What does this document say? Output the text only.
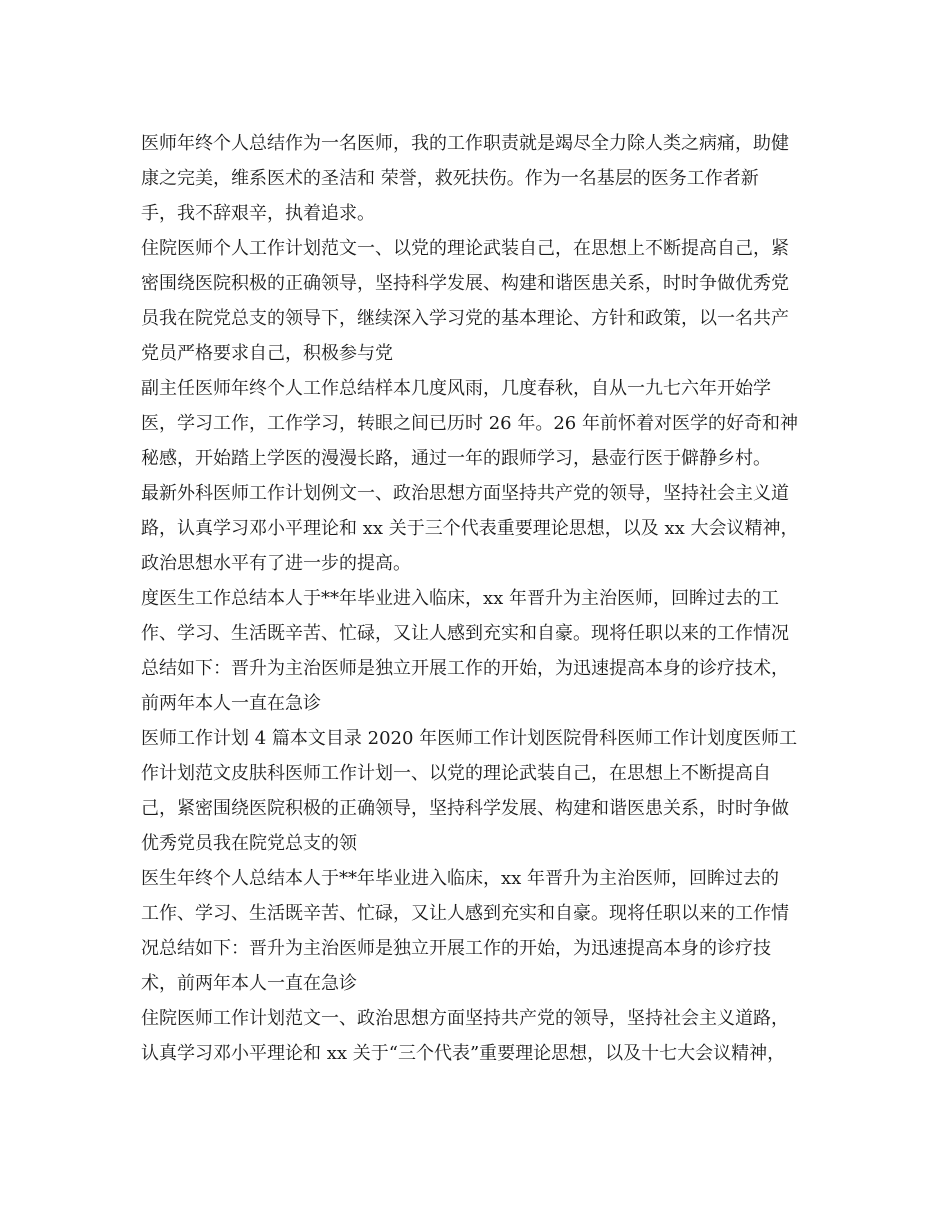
医师年终个人总结作为一名医师，我的工作职责就是竭尽全力除人类之病痛，助健
康之完美，维系医术的圣洁和 荣誉，救死扶伤。作为一名基层的医务工作者新
手，我不辞艰辛，执着追求。
住院医师个人工作计划范文一、以党的理论武装自己，在思想上不断提高自己，紧
密围绕医院积极的正确领导，坚持科学发展、构建和谐医患关系，时时争做优秀党
员我在院党总支的领导下，继续深入学习党的基本理论、方针和政策，以一名共产
党员严格要求自己，积极参与党
副主任医师年终个人工作总结样本几度风雨，几度春秋，自从一九七六年开始学
医，学习工作，工作学习，转眼之间已历时 26 年。26 年前怀着对医学的好奇和神
秘感，开始踏上学医的漫漫长路，通过一年的跟师学习，悬壶行医于僻静乡村。
最新外科医师工作计划例文一、政治思想方面坚持共产党的领导，坚持社会主义道
路，认真学习邓小平理论和 xx 关于三个代表重要理论思想，以及 xx 大会议精神，
政治思想水平有了进一步的提高。
度医生工作总结本人于**年毕业进入临床，xx 年晋升为主治医师，回眸过去的工
作、学习、生活既辛苦、忙碌，又让人感到充实和自豪。现将任职以来的工作情况
总结如下：晋升为主治医师是独立开展工作的开始，为迅速提高本身的诊疗技术，
前两年本人一直在急诊
医师工作计划 4 篇本文目录 2020 年医师工作计划医院骨科医师工作计划度医师工
作计划范文皮肤科医师工作计划一、以党的理论武装自己，在思想上不断提高自
己，紧密围绕医院积极的正确领导，坚持科学发展、构建和谐医患关系，时时争做
优秀党员我在院党总支的领
医生年终个人总结本人于**年毕业进入临床，xx 年晋升为主治医师，回眸过去的
工作、学习、生活既辛苦、忙碌，又让人感到充实和自豪。现将任职以来的工作情
况总结如下：晋升为主治医师是独立开展工作的开始，为迅速提高本身的诊疗技
术，前两年本人一直在急诊
住院医师工作计划范文一、政治思想方面坚持共产党的领导，坚持社会主义道路，
认真学习邓小平理论和 xx 关于“三个代表”重要理论思想，以及十七大会议精神，
